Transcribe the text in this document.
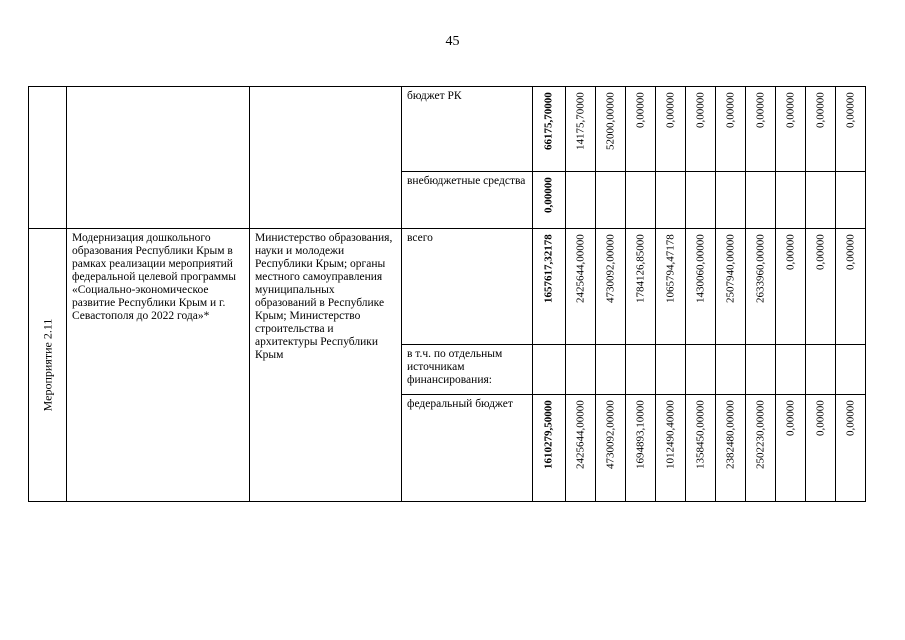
45
			бюджет РК	66175,70000	14175,70000	52000,00000	0,00000	0,00000	0,00000	0,00000	0,00000	0,00000	0,00000	0,00000

			внебюджетные средства	0,00000										

Мероприятие 2.11	Модернизация дошкольного образования Республики Крым в рамках реализации мероприятий федеральной целевой программы «Социально-экономическое развитие Республики Крым и г. Севастополя до 2022 года»*	Министерство образования, науки и молодежи Республики Крым; органы местного самоуправления муниципальных образований в Республике Крым; Министерство строительства и архитектуры Республики Крым	всего	1657617,32178	2425644,00000	4730092,00000	1784126,85000	1065794,47178	1430060,00000	2507940,00000	2633960,00000	0,00000	0,00000	0,00000

			в т.ч. по отдельным источникам финансирования:	

			федеральный бюджет	1610279,50000	2425644,00000	4730092,00000	1694893,10000	1012490,40000	1358450,00000	2382480,00000	2502230,00000	0,00000	0,00000	0,00000
